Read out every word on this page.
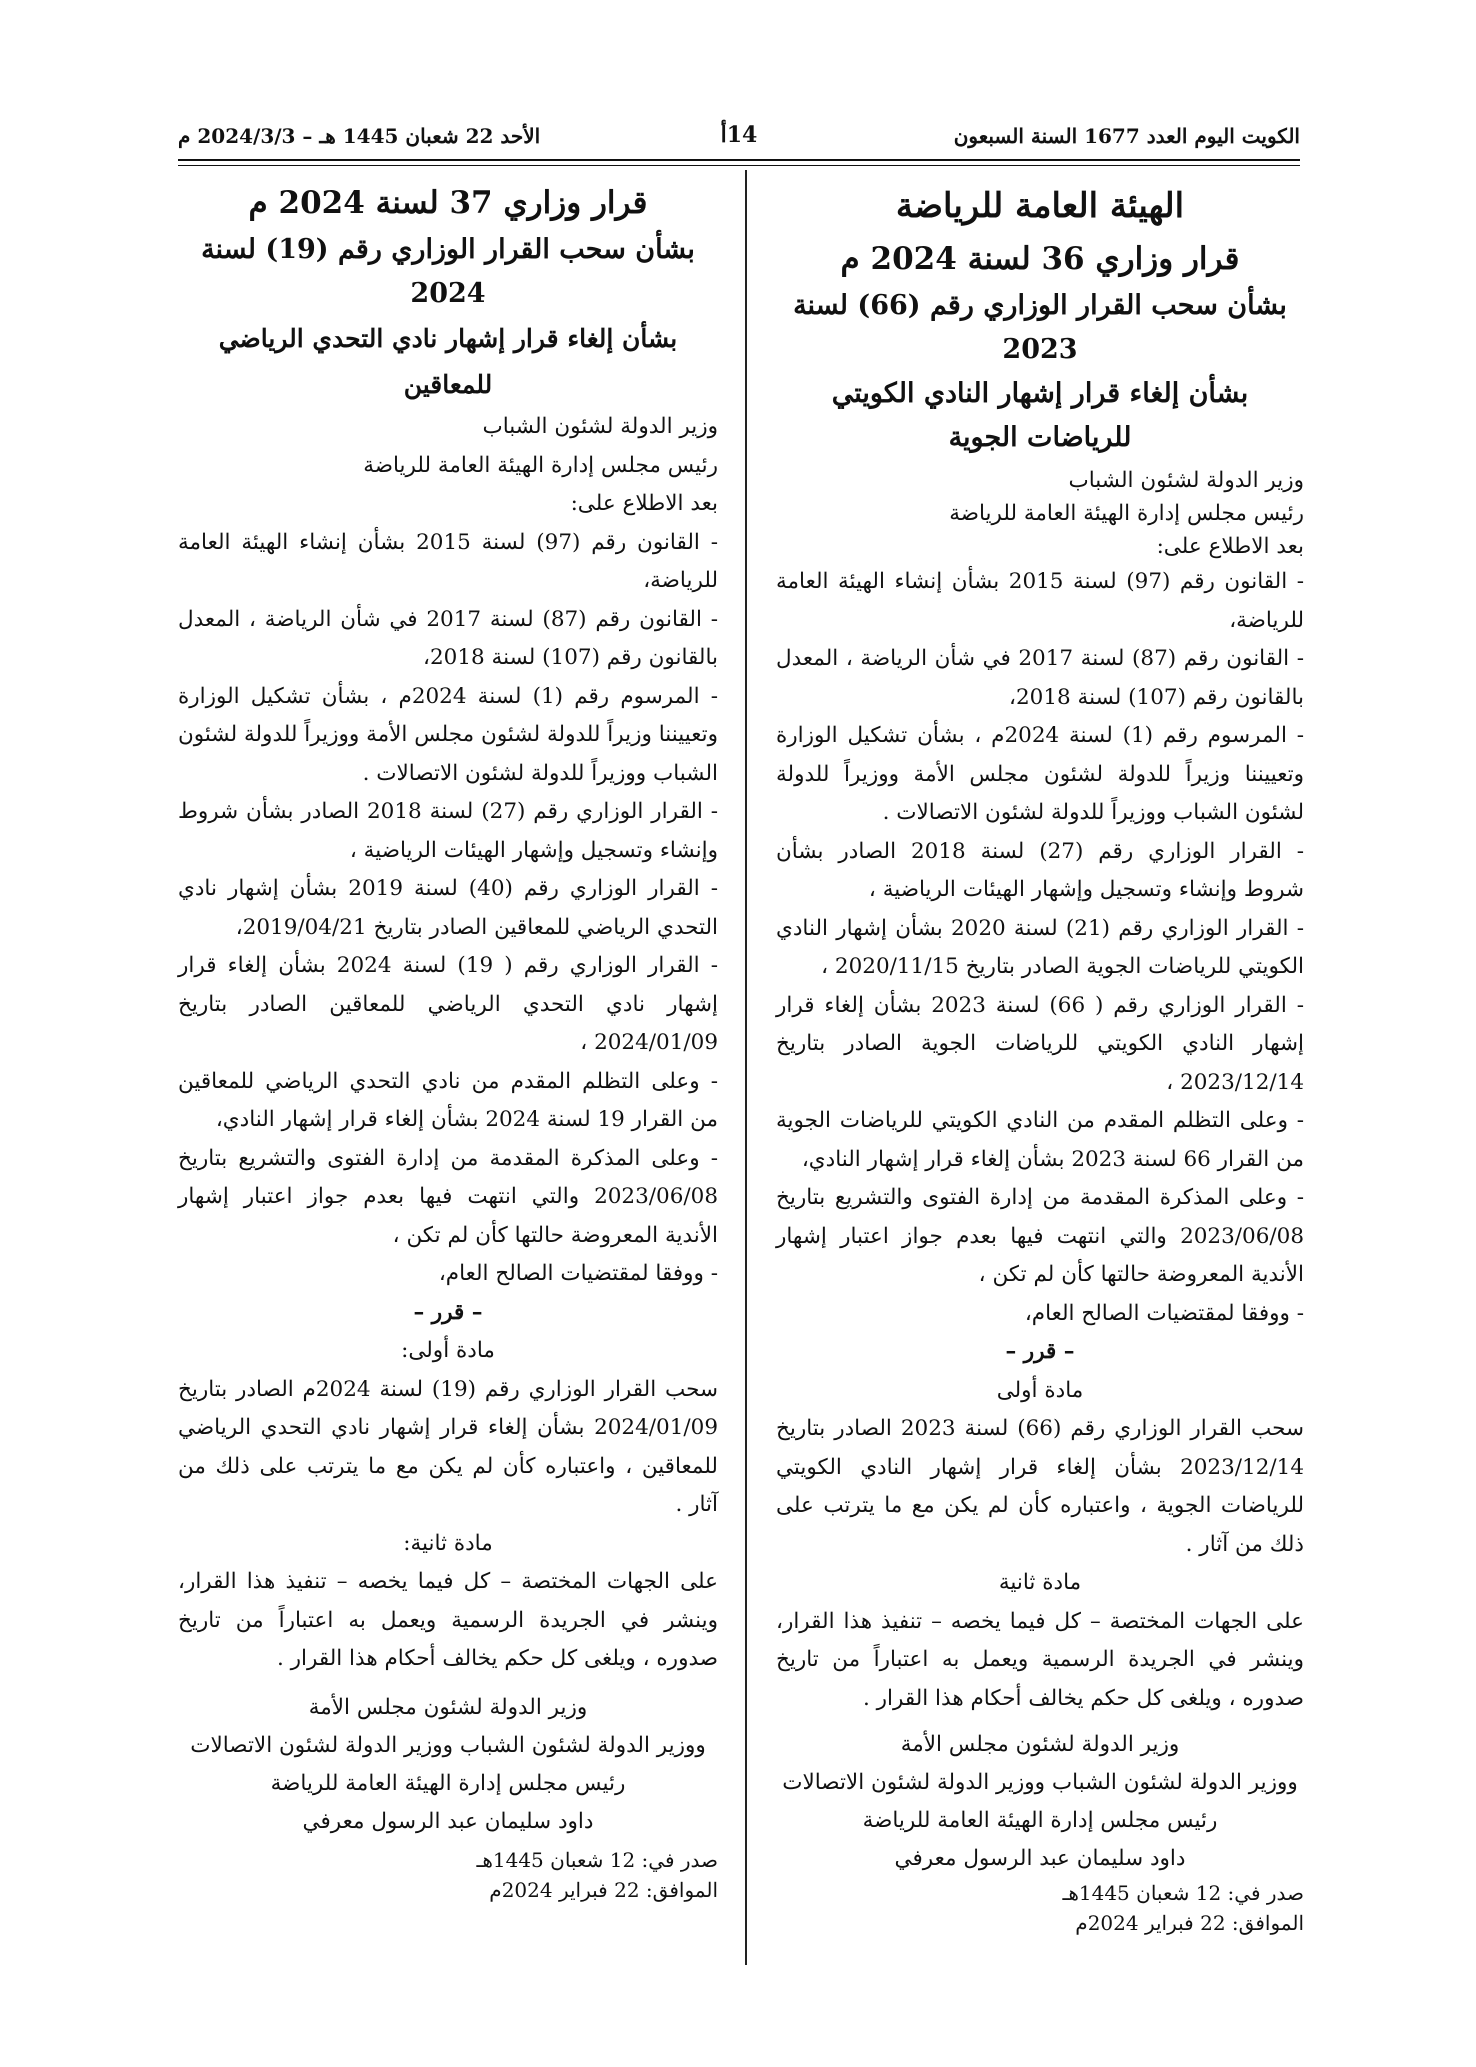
الكويت اليوم العدد 1677 السنة السبعون
14أ
الأحد 22 شعبان 1445 هـ – 2024/3/3 م

الهيئة العامة للرياضة

قرار وزاري 36 لسنة 2024 م

بشأن سحب القرار الوزاري رقم (66) لسنة 2023

بشأن إلغاء قرار إشهار النادي الكويتي للرياضات الجوية

وزير الدولة لشئون الشباب

رئيس مجلس إدارة الهيئة العامة للرياضة

بعد الاطلاع على:

- القانون رقم (97) لسنة 2015 بشأن إنشاء الهيئة العامة للرياضة،

- القانون رقم (87) لسنة 2017 في شأن الرياضة ، المعدل بالقانون رقم (107) لسنة 2018،

- المرسوم رقم (1) لسنة 2024م ، بشأن تشكيل الوزارة وتعييننا وزيراً للدولة لشئون مجلس الأمة ووزيراً للدولة لشئون الشباب ووزيراً للدولة لشئون الاتصالات .

- القرار الوزاري رقم (27) لسنة 2018 الصادر بشأن شروط وإنشاء وتسجيل وإشهار الهيئات الرياضية ،

- القرار الوزاري رقم (21) لسنة 2020 بشأن إشهار النادي الكويتي للرياضات الجوية الصادر بتاريخ 2020/11/15 ،

- القرار الوزاري رقم ( 66) لسنة 2023 بشأن إلغاء قرار إشهار النادي الكويتي للرياضات الجوية الصادر بتاريخ 2023/12/14 ،

- وعلى التظلم المقدم من النادي الكويتي للرياضات الجوية من القرار 66 لسنة 2023 بشأن إلغاء قرار إشهار النادي،

- وعلى المذكرة المقدمة من إدارة الفتوى والتشريع بتاريخ 2023/06/08 والتي انتهت فيها بعدم جواز اعتبار إشهار الأندية المعروضة حالتها كأن لم تكن ،

- ووفقا لمقتضيات الصالح العام،

– قرر –

مادة أولى

سحب القرار الوزاري رقم (66) لسنة 2023 الصادر بتاريخ 2023/12/14 بشأن إلغاء قرار إشهار النادي الكويتي للرياضات الجوية ، واعتباره كأن لم يكن مع ما يترتب على ذلك من آثار .

مادة ثانية

على الجهات المختصة – كل فيما يخصه – تنفيذ هذا القرار، وينشر في الجريدة الرسمية ويعمل به اعتباراً من تاريخ صدوره ، ويلغى كل حكم يخالف أحكام هذا القرار .

وزير الدولة لشئون مجلس الأمة

ووزير الدولة لشئون الشباب ووزير الدولة لشئون الاتصالات

رئيس مجلس إدارة الهيئة العامة للرياضة

داود سليمان عبد الرسول معرفي

صدر في: 12 شعبان 1445هـ

الموافق: 22 فبراير 2024م

قرار وزاري 37 لسنة 2024 م

بشأن سحب القرار الوزاري رقم (19) لسنة 2024

بشأن إلغاء قرار إشهار نادي التحدي الرياضي للمعاقين

وزير الدولة لشئون الشباب

رئيس مجلس إدارة الهيئة العامة للرياضة

بعد الاطلاع على:

- القانون رقم (97) لسنة 2015 بشأن إنشاء الهيئة العامة للرياضة،

- القانون رقم (87) لسنة 2017 في شأن الرياضة ، المعدل بالقانون رقم (107) لسنة 2018،

- المرسوم رقم (1) لسنة 2024م ، بشأن تشكيل الوزارة وتعييننا وزيراً للدولة لشئون مجلس الأمة ووزيراً للدولة لشئون الشباب ووزيراً للدولة لشئون الاتصالات .

- القرار الوزاري رقم (27) لسنة 2018 الصادر بشأن شروط وإنشاء وتسجيل وإشهار الهيئات الرياضية ،

- القرار الوزاري رقم (40) لسنة 2019 بشأن إشهار نادي التحدي الرياضي للمعاقين الصادر بتاريخ 2019/04/21،

- القرار الوزاري رقم ( 19) لسنة 2024 بشأن إلغاء قرار إشهار نادي التحدي الرياضي للمعاقين الصادر بتاريخ 2024/01/09 ،

- وعلى التظلم المقدم من نادي التحدي الرياضي للمعاقين من القرار 19 لسنة 2024 بشأن إلغاء قرار إشهار النادي،

- وعلى المذكرة المقدمة من إدارة الفتوى والتشريع بتاريخ 2023/06/08 والتي انتهت فيها بعدم جواز اعتبار إشهار الأندية المعروضة حالتها كأن لم تكن ،

- ووفقا لمقتضيات الصالح العام،

– قرر –

مادة أولى:

سحب القرار الوزاري رقم (19) لسنة 2024م الصادر بتاريخ 2024/01/09 بشأن إلغاء قرار إشهار نادي التحدي الرياضي للمعاقين ، واعتباره كأن لم يكن مع ما يترتب على ذلك من آثار .

مادة ثانية:

على الجهات المختصة – كل فيما يخصه – تنفيذ هذا القرار، وينشر في الجريدة الرسمية ويعمل به اعتباراً من تاريخ صدوره ، ويلغى كل حكم يخالف أحكام هذا القرار .

وزير الدولة لشئون مجلس الأمة

ووزير الدولة لشئون الشباب ووزير الدولة لشئون الاتصالات

رئيس مجلس إدارة الهيئة العامة للرياضة

داود سليمان عبد الرسول معرفي

صدر في: 12 شعبان 1445هـ

الموافق: 22 فبراير 2024م
